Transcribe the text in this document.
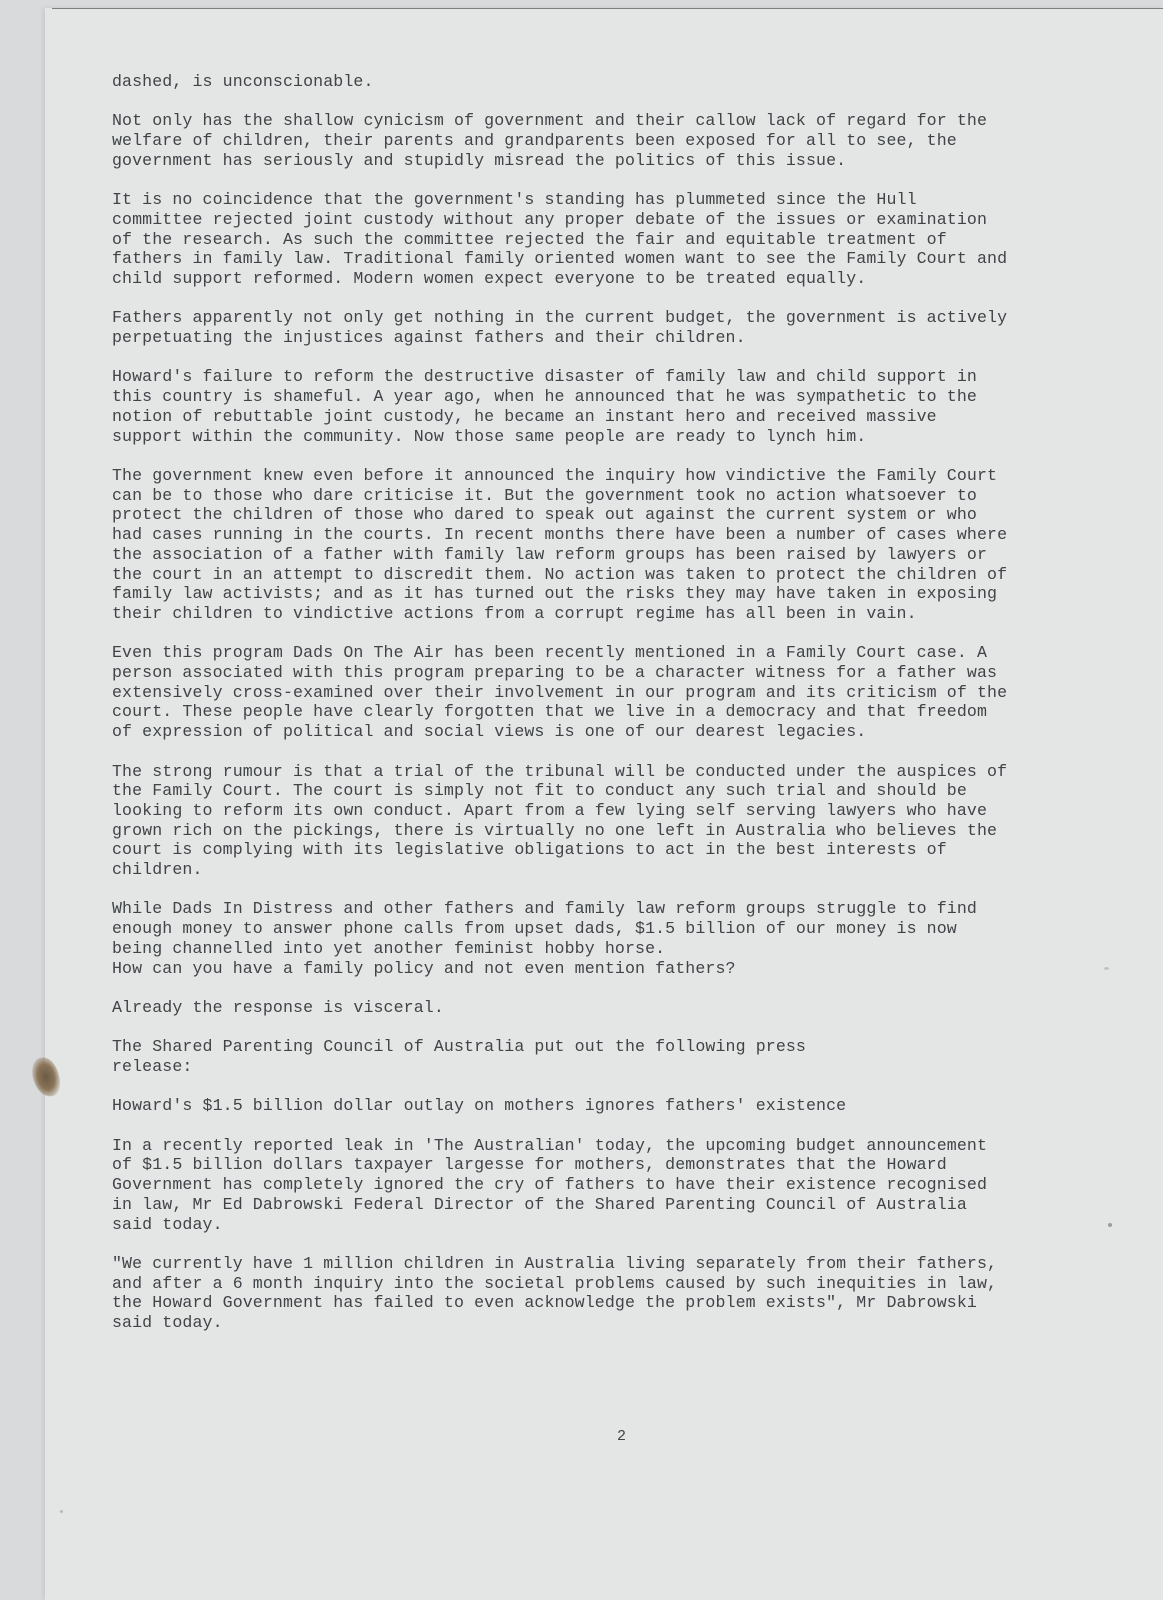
dashed, is unconscionable.

Not only has the shallow cynicism of government and their callow lack of regard for the
welfare of children, their parents and grandparents been exposed for all to see, the
government has seriously and stupidly misread the politics of this issue.

It is no coincidence that the government's standing has plummeted since the Hull
committee rejected joint custody without any proper debate of the issues or examination
of the research. As such the committee rejected the fair and equitable treatment of
fathers in family law. Traditional family oriented women want to see the Family Court and
child support reformed. Modern women expect everyone to be treated equally.

Fathers apparently not only get nothing in the current budget, the government is actively
perpetuating the injustices against fathers and their children.

Howard's failure to reform the destructive disaster of family law and child support in
this country is shameful. A year ago, when he announced that he was sympathetic to the
notion of rebuttable joint custody, he became an instant hero and received massive
support within the community. Now those same people are ready to lynch him.

The government knew even before it announced the inquiry how vindictive the Family Court
can be to those who dare criticise it. But the government took no action whatsoever to
protect the children of those who dared to speak out against the current system or who
had cases running in the courts. In recent months there have been a number of cases where
the association of a father with family law reform groups has been raised by lawyers or
the court in an attempt to discredit them. No action was taken to protect the children of
family law activists; and as it has turned out the risks they may have taken in exposing
their children to vindictive actions from a corrupt regime has all been in vain.

Even this program Dads On The Air has been recently mentioned in a Family Court case. A
person associated with this program preparing to be a character witness for a father was
extensively cross-examined over their involvement in our program and its criticism of the
court. These people have clearly forgotten that we live in a democracy and that freedom
of expression of political and social views is one of our dearest legacies.

The strong rumour is that a trial of the tribunal will be conducted under the auspices of
the Family Court. The court is simply not fit to conduct any such trial and should be
looking to reform its own conduct. Apart from a few lying self serving lawyers who have
grown rich on the pickings, there is virtually no one left in Australia who believes the
court is complying with its legislative obligations to act in the best interests of
children.

While Dads In Distress and other fathers and family law reform groups struggle to find
enough money to answer phone calls from upset dads, $1.5 billion of our money is now
being channelled into yet another feminist hobby horse.

How can you have a family policy and not even mention fathers?

Already the response is visceral.

The Shared Parenting Council of Australia put out the following press
release:

Howard's $1.5 billion dollar outlay on mothers ignores fathers' existence

In a recently reported leak in 'The Australian' today, the upcoming budget announcement
of $1.5 billion dollars taxpayer largesse for mothers, demonstrates that the Howard
Government has completely ignored the cry of fathers to have their existence recognised
in law, Mr Ed Dabrowski Federal Director of the Shared Parenting Council of Australia
said today.

"We currently have 1 million children in Australia living separately from their fathers,
and after a 6 month inquiry into the societal problems caused by such inequities in law,
the Howard Government has failed to even acknowledge the problem exists", Mr Dabrowski
said today.

2
